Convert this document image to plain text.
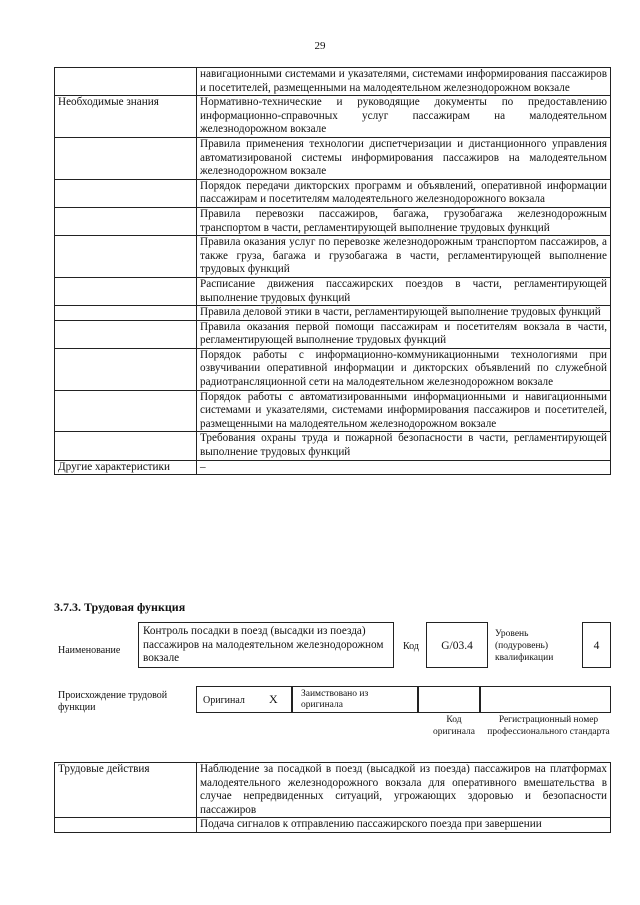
29
	навигационными системами и указателями, системами информирования пассажиров и посетителей, размещенными на малодеятельном железнодорожном вокзале
Необходимые знания	Нормативно-технические и руководящие документы по предоставлению информационно-справочных услуг пассажирам на малодеятельном железнодорожном вокзале
	Правила применения технологии диспетчеризации и дистанционного управления автоматизированой системы информирования пассажиров на малодеятельном железнодорожном вокзале
	Порядок передачи дикторских программ и объявлений, оперативной информации пассажирам и посетителям малодеятельного железнодорожного вокзала
	Правила перевозки пассажиров, багажа, грузобагажа железнодорожным транспортом в части, регламентирующей выполнение трудовых функций
	Правила оказания услуг по перевозке железнодорожным транспортом пассажиров, а также груза, багажа и грузобагажа в части, регламентирующей выполнение трудовых функций
	Расписание движения пассажирских поездов в части, регламентирующей выполнение трудовых функций
	Правила деловой этики в части, регламентирующей выполнение трудовых функций
	Правила оказания первой помощи пассажирам и посетителям вокзала в части, регламентирующей выполнение трудовых функций
	Порядок работы с информационно-коммуникационными технологиями при озвучивании оперативной информации и дикторских объявлений по служебной радиотрансляционной сети на малодеятельном железнодорожном вокзале
	Порядок работы с автоматизированными информационными и навигационными системами и указателями, системами информирования пассажиров и посетителей, размещенными на малодеятельном железнодорожном вокзале
	Требования охраны труда и пожарной безопасности в части, регламентирующей выполнение трудовых функций
Другие характеристики	–
3.7.3. Трудовая функция
Наименование
Контроль посадки в поезд (высадки из поезда) пассажиров на малодеятельном железнодорожном вокзале
Код	G/03.4
Уровень (подуровень) квалификации
4
Происхождение трудовой функции
Оригинал X Заимствовано из оригинала
Код оригинала
Регистрационный номер профессионального стандарта
Трудовые действия	Наблюдение за посадкой в поезд (высадкой из поезда) пассажиров на платформах малодеятельного железнодорожного вокзала для оперативного вмешательства в случае непредвиденных ситуаций, угрожающих здоровью и безопасности пассажиров
	Подача сигналов к отправлению пассажирского поезда при завершении
